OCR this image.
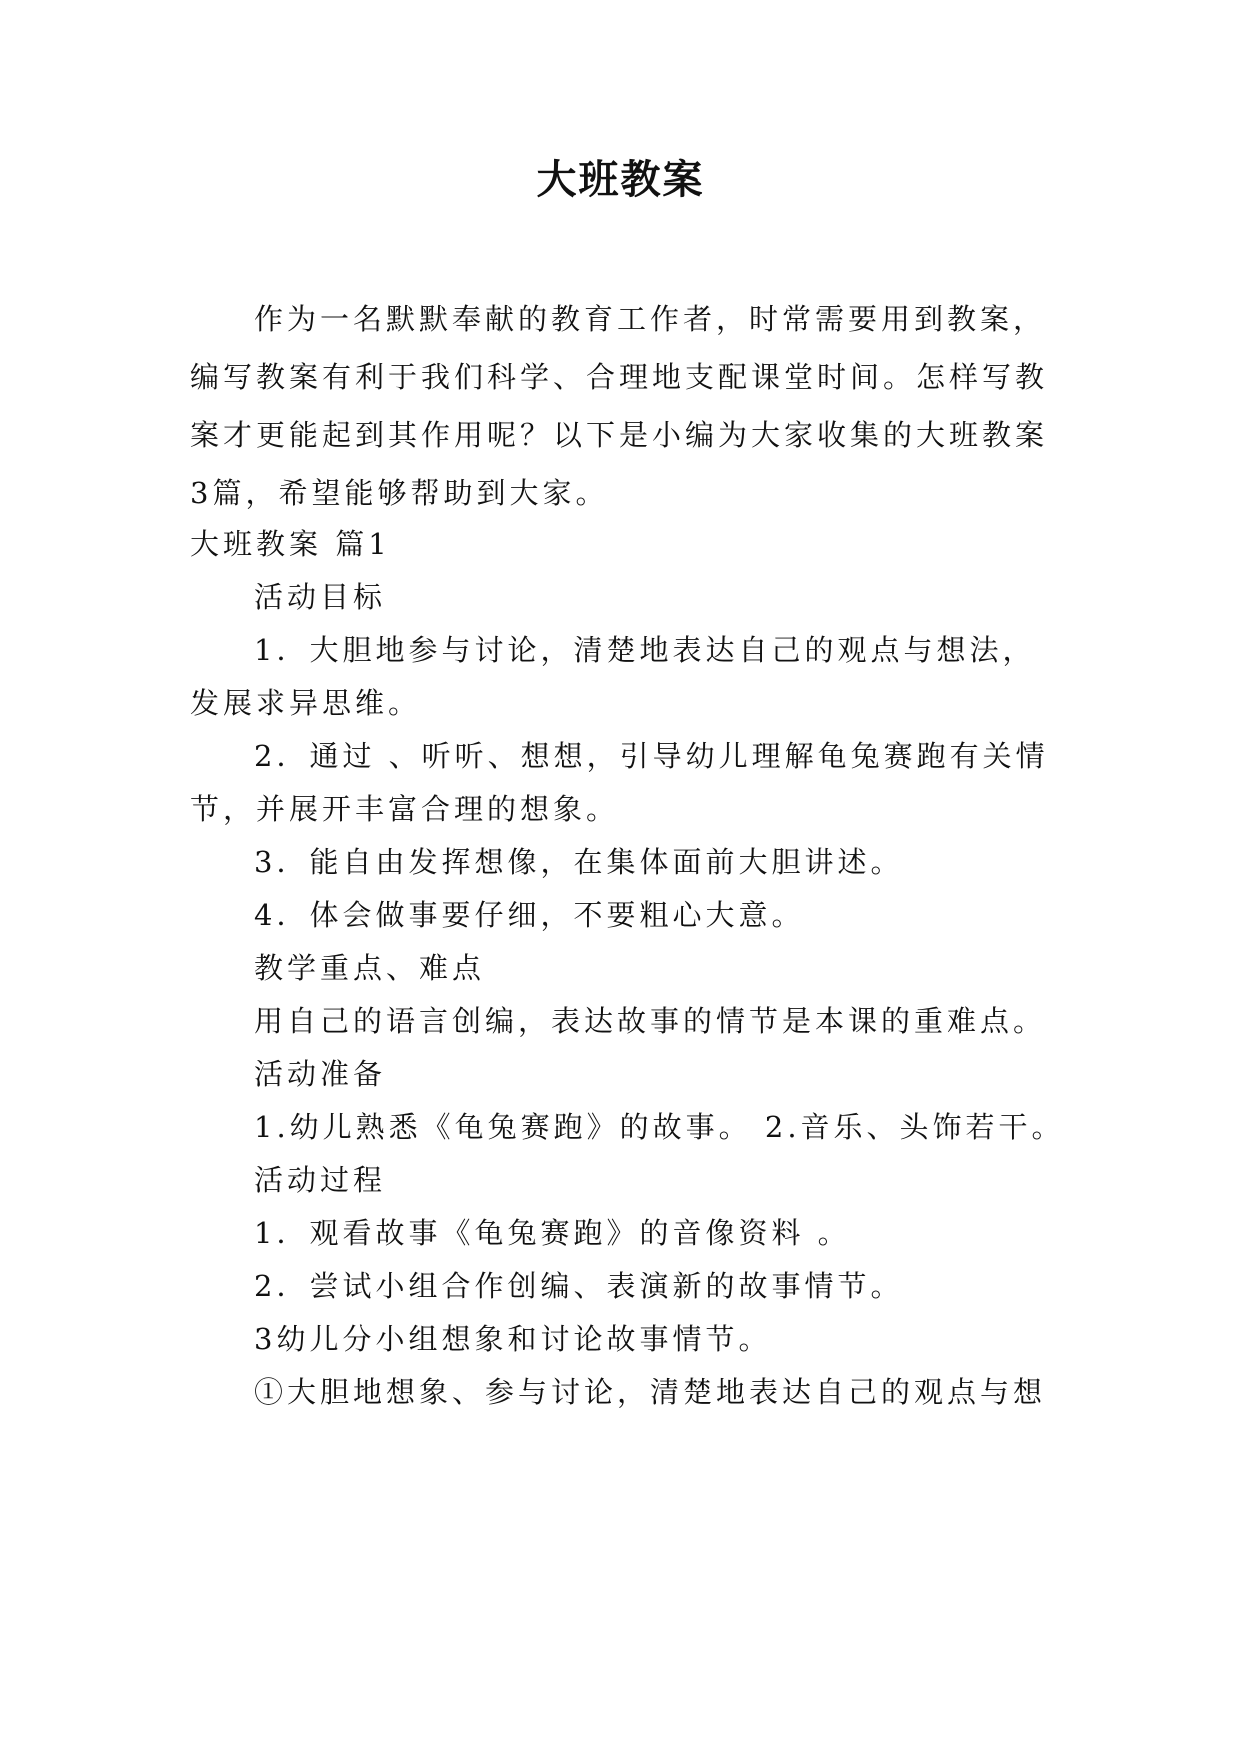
大班教案

作为一名默默奉献的教育工作者，时常需要用到教案，编写教案有利于我们科学、合理地支配课堂时间。怎样写教案才更能起到其作用呢？以下是小编为大家收集的大班教案3篇，希望能够帮助到大家。

大班教案 篇1

活动目标

1．大胆地参与讨论，清楚地表达自己的观点与想法，

发展求异思维。

2．通过 、听听、想想，引导幼儿理解龟兔赛跑有关情

节，并展开丰富合理的想象。

3．能自由发挥想像，在集体面前大胆讲述。

4．体会做事要仔细，不要粗心大意。

教学重点、难点

用自己的语言创编，表达故事的情节是本课的重难点。

活动准备

1.幼儿熟悉《龟兔赛跑》的故事。 2.音乐、头饰若干。

活动过程

1．观看故事《龟兔赛跑》的音像资料 。

2．尝试小组合作创编、表演新的故事情节。

3幼儿分小组想象和讨论故事情节。

①大胆地想象、参与讨论，清楚地表达自己的观点与想
